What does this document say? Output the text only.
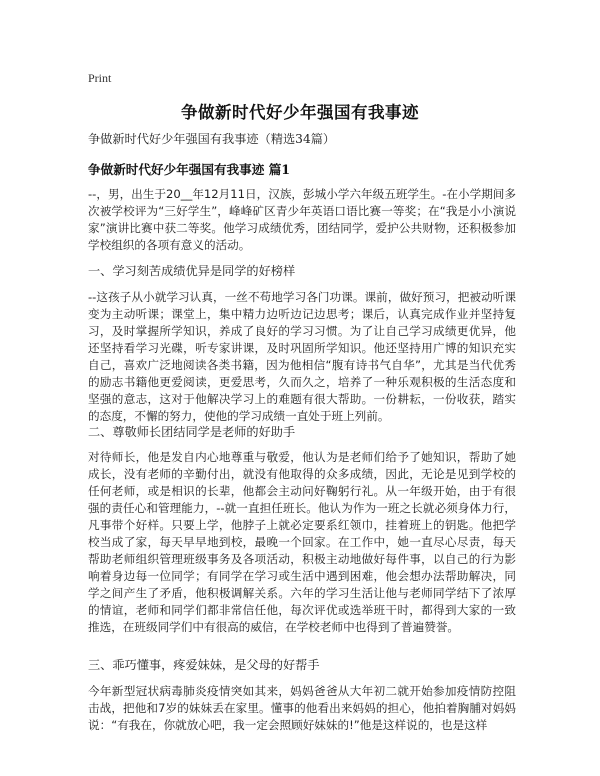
Print
争做新时代好少年强国有我事迹
争做新时代好少年强国有我事迹（精选34篇）
争做新时代好少年强国有我事迹 篇1

--，男，出生于20__年12月11日，汉族，彭城小学六年级五班学生。-在小学期间多次被学校评为“三好学生”，峰峰矿区青少年英语口语比赛一等奖；在“我是小小演说家”演讲比赛中获二等奖。他学习成绩优秀，团结同学，爱护公共财物，还积极参加学校组织的各项有意义的活动。

一、学习刻苦成绩优异是同学的好榜样

--这孩子从小就学习认真，一丝不苟地学习各门功课。课前，做好预习，把被动听课变为主动听课；课堂上，集中精力边听边记边思考；课后，认真完成作业并坚持复习，及时掌握所学知识，养成了良好的学习习惯。为了让自己学习成绩更优异，他还坚持看学习光碟，听专家讲课，及时巩固所学知识。他还坚持用广博的知识充实自己，喜欢广泛地阅读各类书籍，因为他相信“腹有诗书气自华”，尤其是当代优秀的励志书籍他更爱阅读，更爱思考，久而久之，培养了一种乐观积极的生活态度和坚强的意志，这对于他解决学习上的难题有很大帮助。一份耕耘，一份收获，踏实的态度，不懈的努力，使他的学习成绩一直处于班上列前。

二、尊敬师长团结同学是老师的好助手

对待师长，他是发自内心地尊重与敬爱，他认为是老师们给予了她知识，帮助了她成长，没有老师的辛勤付出，就没有他取得的众多成绩，因此，无论是见到学校的任何老师，或是相识的长辈，他都会主动问好鞠躬行礼。从一年级开始，由于有很强的责任心和管理能力，--就一直担任班长。他认为作为一班之长就必须身体力行，凡事带个好样。只要上学，他脖子上就必定要系红领巾，挂着班上的钥匙。他把学校当成了家，每天早早地到校，最晚一个回家。在工作中，她一直尽心尽责，每天帮助老师组织管理班级事务及各项活动，积极主动地做好每件事，以自己的行为影响着身边每一位同学；有同学在学习或生活中遇到困难，他会想办法帮助解决，同学之间产生了矛盾，他积极调解关系。六年的学习生活让他与老师同学结下了浓厚的情谊，老师和同学们都非常信任他，每次评优或选举班干时，都得到大家的一致推选，在班级同学们中有很高的威信，在学校老师中也得到了普遍赞誉。

三、乖巧懂事，疼爱妹妹，是父母的好帮手

今年新型冠状病毒肺炎疫情突如其来，妈妈爸爸从大年初二就开始参加疫情防控阻击战，把他和7岁的妹妹丢在家里。懂事的他看出来妈妈的担心，他拍着胸脯对妈妈说：“有我在，你就放心吧，我一定会照顾好妹妹的!”他是这样说的，也是这样
